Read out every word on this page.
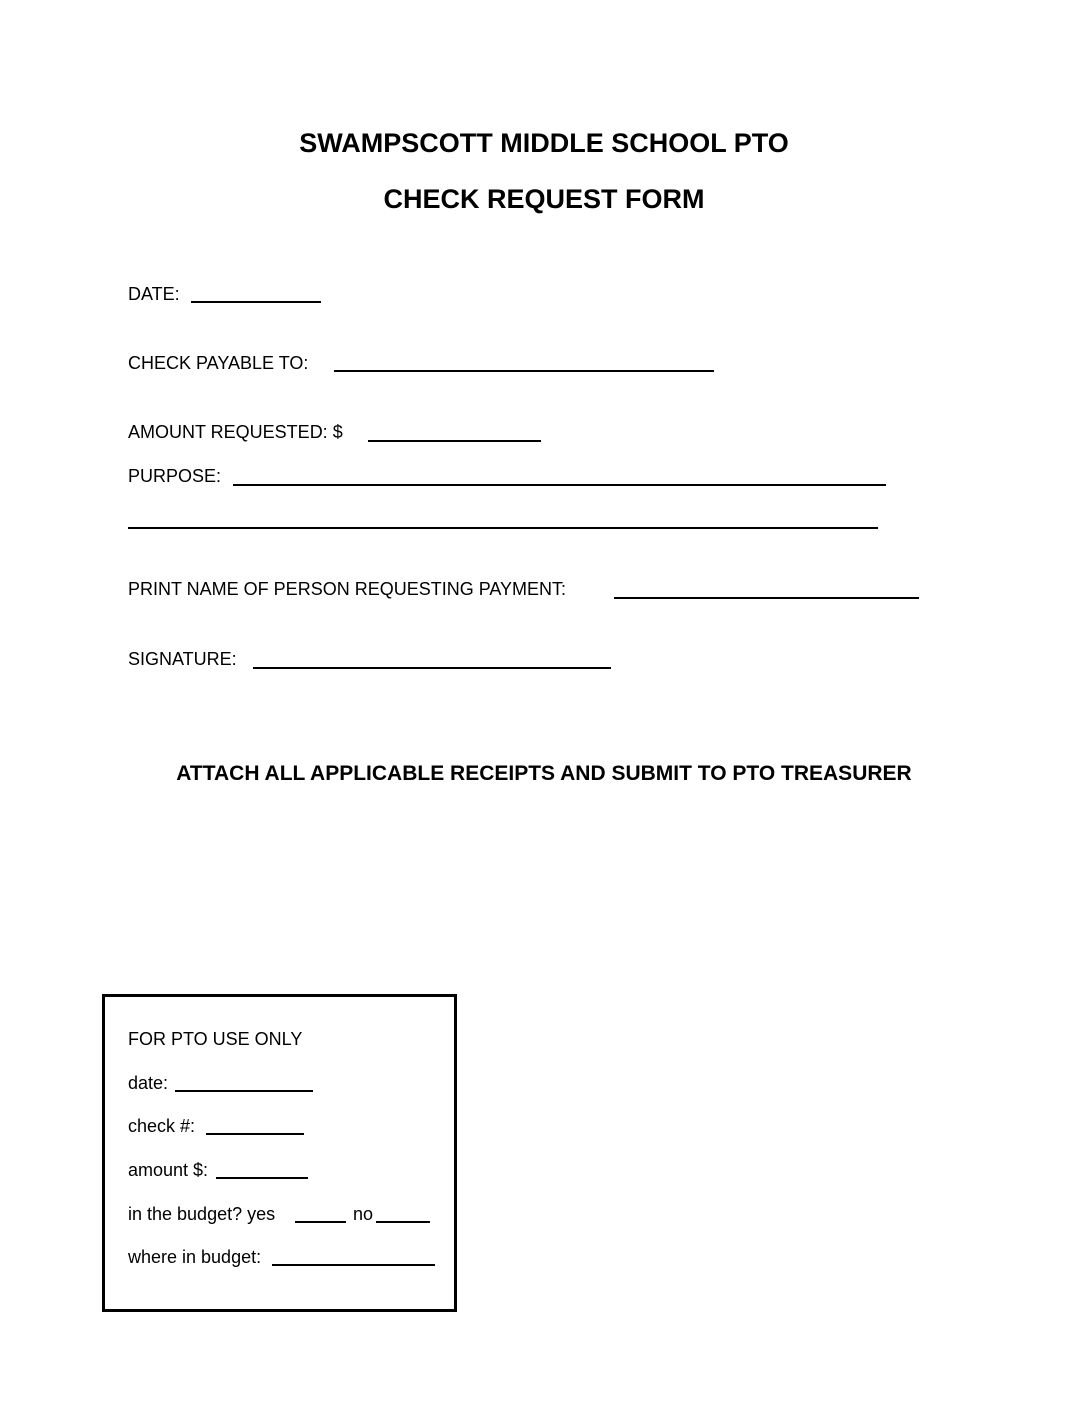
SWAMPSCOTT MIDDLE SCHOOL PTO
CHECK REQUEST FORM
DATE:
CHECK PAYABLE TO:
AMOUNT REQUESTED: $
PURPOSE:
PRINT NAME OF PERSON REQUESTING PAYMENT:
SIGNATURE:
ATTACH ALL APPLICABLE RECEIPTS AND SUBMIT TO PTO TREASURER
FOR PTO USE ONLY
date:
check #:
amount $:
in the budget? yes	no
where in budget:
